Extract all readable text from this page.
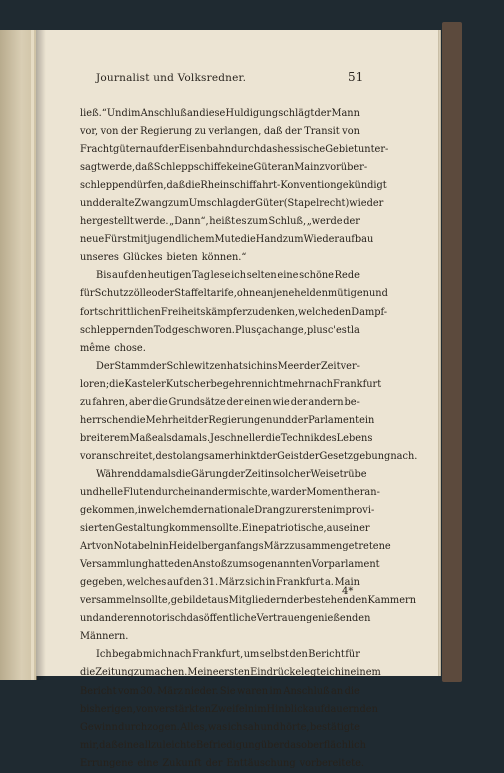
Journalist und Volksredner.	51
ließ.“ Und im Anschluß an diese Huldigung schlägt der Mann
vor, von der Regierung zu verlangen, daß der Transit von
Frachtgütern auf der Eisenbahn durch das hessische Gebiet unter-
sagt werde, daß Schleppschiffe keine Güter an Mainz vorüber-
schleppen dürfen, daß die Rheinschiffahrt-Konvention gekündigt
und der alte Zwang zum Umschlag der Güter (Stapelrecht) wieder
hergestellt werde. „Dann“, heißt es zum Schluß, „werde der
neue Fürst mit jugendlichem Mute die Hand zum Wiederaufbau
unseres Glückes bieten können.“
Bis auf den heutigen Tag lese ich selten eine schöne Rede
für Schutzzölle oder Staffeltarife, ohne an jene heldenmütigen und
fortschrittlichen Freiheitskämpfer zu denken, welche den Dampf-
schleppern den Tod geschworen. Plus ça change, plus c'est la
même chose.
Der Stamm der Schlewitzen hat sich ins Meer der Zeit ver-
loren; die Kasteler Kutscher begehren nicht mehr nach Frankfurt
zu fahren, aber die Grundsätze der einen wie der andern be-
herrschen die Mehrheit der Regierungen und der Parlamente in
breiterem Maße als damals. Je schneller die Technik des Lebens
voranschreitet, desto langsamer hinkt der Geist der Gesetzgebung nach.
Während damals die Gärung der Zeit in solcher Weise trübe
und helle Fluten durcheinander mischte, war der Moment heran-
gekommen, in welchem der nationale Drang zur ersten improvi-
sierten Gestaltung kommen sollte. Eine patriotische, aus einer
Art von Notabeln in Heidelberg anfangs März zusammengetretene
Versammlung hatte den Anstoß zum sogenannten Vorparlament
gegeben, welches auf den 31. März sich in Frankfurt a. Main
versammeln sollte, gebildet aus Mitgliedern der bestehenden Kammern
und anderen notorisch das öffentliche Vertrauen genießenden
Männern.
Ich begab mich nach Frankfurt, um selbst den Bericht für
die Zeitung zu machen. Meine ersten Eindrücke legte ich in einem
Bericht vom 30. März nieder. Sie waren im Anschluß an die
bisherigen, von verstärkten Zweifeln im Hinblick auf dauernden
Gewinn durchzogen. Alles, was ich sah und hörte, bestätigte
mir, daß eine allzuleichte Befriedigung über das oberflächlich
Errungene eine Zukunft der Enttäuschung vorbereitete.
4*
